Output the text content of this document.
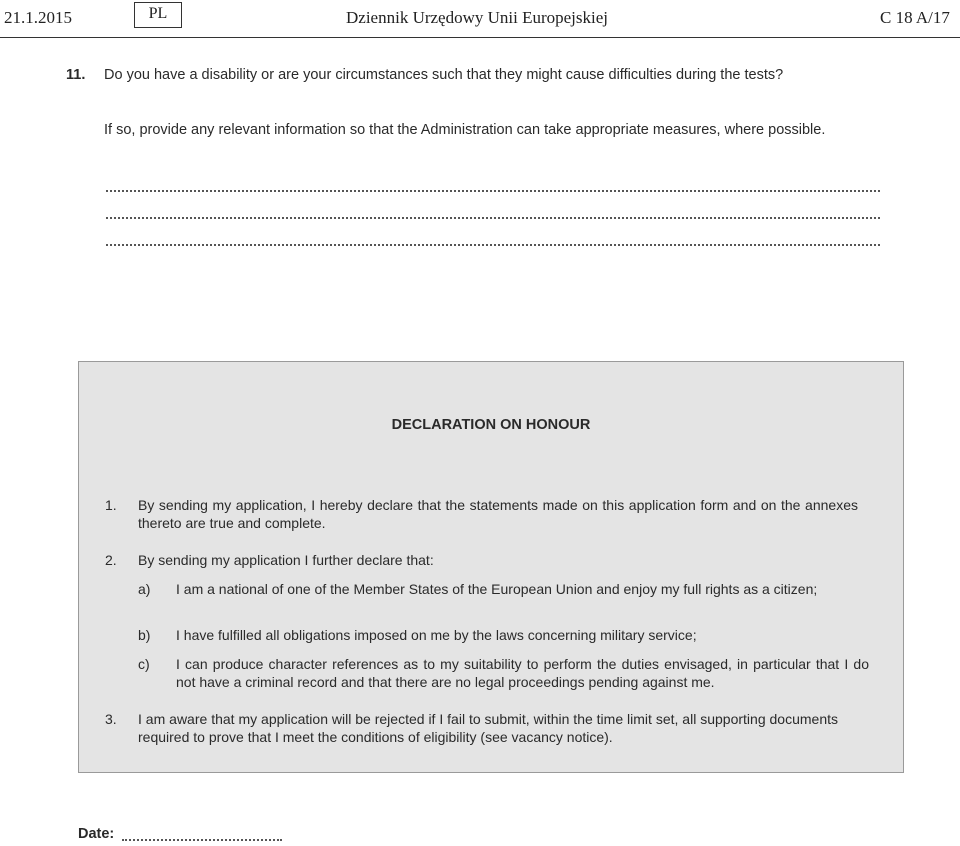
21.1.2015	PL	Dziennik Urzędowy Unii Europejskiej	C 18 A/17
11. Do you have a disability or are your circumstances such that they might cause difficulties during the tests?
If so, provide any relevant information so that the Administration can take appropriate measures, where possible.
DECLARATION ON HONOUR
1. By sending my application, I hereby declare that the statements made on this application form and on the annexes thereto are true and complete.
2. By sending my application I further declare that:
a) I am a national of one of the Member States of the European Union and enjoy my full rights as a citizen;
b) I have fulfilled all obligations imposed on me by the laws concerning military service;
c) I can produce character references as to my suitability to perform the duties envisaged, in particular that I do not have a criminal record and that there are no legal proceedings pending against me.
3. I am aware that my application will be rejected if I fail to submit, within the time limit set, all supporting documents required to prove that I meet the conditions of eligibility (see vacancy notice).
Date:
